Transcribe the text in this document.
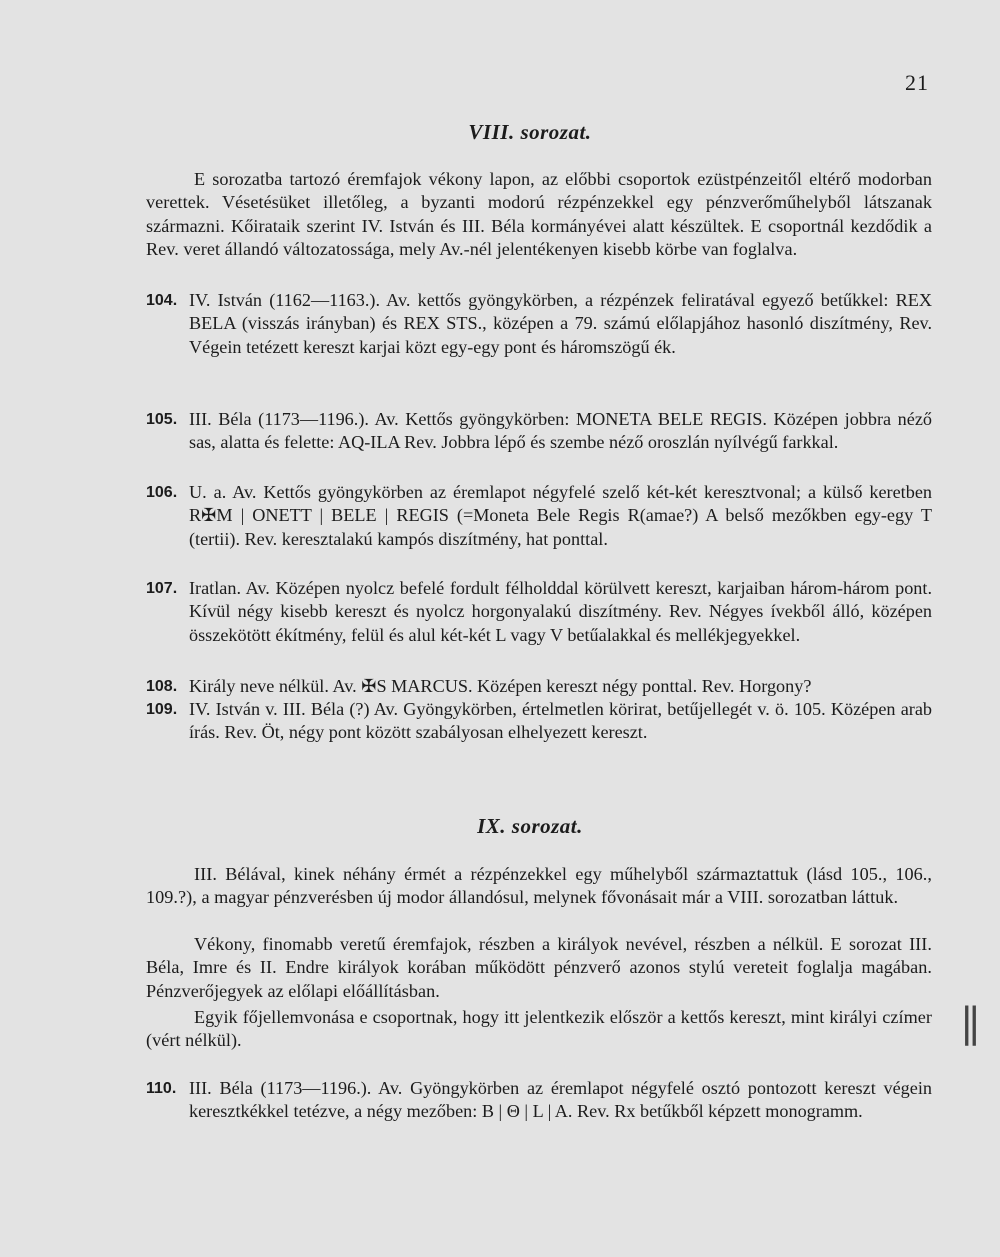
21
VIII. sorozat.
E sorozatba tartozó éremfajok vékony lapon, az előbbi csoportok ezüstpénzeitől eltérő modorban verettek. Vésetésüket illetőleg, a byzanti modorú rézpénzekkel egy pénzverőműhelyből látszanak származni. Kőirataik szerint IV. István és III. Béla kormányévei alatt készültek. E csoportnál kezdődik a Rev. veret állandó változatossága, mely Av.-nél jelentékenyen kisebb körbe van foglalva.
104. IV. István (1162—1163.). Av. kettős gyöngykörben, a rézpénzek feliratával egyező betűkkel: REX BELA (visszás irányban) és REX STS., középen a 79. számú előlapjához hasonló diszítmény, Rev. Végein tetézett kereszt karjai közt egy-egy pont és háromszögű ék.
105. III. Béla (1173—1196.). Av. Kettős gyöngykörben: MONETA BELE REGIS. Középen jobbra néző sas, alatta és felette: AQ-ILA Rev. Jobbra lépő és szembe néző oroszlán nyílvégű farkkal.
106. U. a. Av. Kettős gyöngykörben az éremlapot négyfelé szelő két-két keresztvonal; a külső keretben R✠M | ONETT | BELE | REGIS (=Moneta Bele Regis R(amae?) A belső mezőkben egy-egy T (tertii). Rev. keresztalakú kampós diszítmény, hat ponttal.
107. Iratlan. Av. Középen nyolcz befelé fordult félholddal körülvett kereszt, karjaiban három-három pont. Kívül négy kisebb kereszt és nyolcz horgonyalakú diszítmény. Rev. Négyes ívekből álló, középen összekötött ékítmény, felül és alul két-két L vagy V betűalakkal és mellékjegyekkel.
108. Király neve nélkül. Av. ✠S MARCUS. Középen kereszt négy ponttal. Rev. Horgony?
109. IV. István v. III. Béla (?) Av. Gyöngykörben, értelmetlen körirat, betűjellegét v. ö. 105. Középen arab írás. Rev. Öt, négy pont között szabályosan elhelyezett kereszt.
IX. sorozat.
III. Bélával, kinek néhány érmét a rézpénzekkel egy műhelyből származtattuk (lásd 105., 106., 109.?), a magyar pénzverésben új modor állandósul, melynek fővonásait már a VIII. sorozatban láttuk.
Vékony, finomabb veretű éremfajok, részben a királyok nevével, részben a nélkül. E sorozat III. Béla, Imre és II. Endre királyok korában működött pénzverő azonos stylú vereteit foglalja magában. Pénzverőjegyek az előlapi előállításban.
Egyik főjellemvonása e csoportnak, hogy itt jelentkezik először a kettős kereszt, mint királyi czímer (vért nélkül).
110. III. Béla (1173—1196.). Av. Gyöngykörben az éremlapot négyfelé osztó pontozott kereszt végein keresztkékkel tetézve, a négy mezőben: B | Θ | L | A. Rev. Rx betűkből képzett monogramm.
||
